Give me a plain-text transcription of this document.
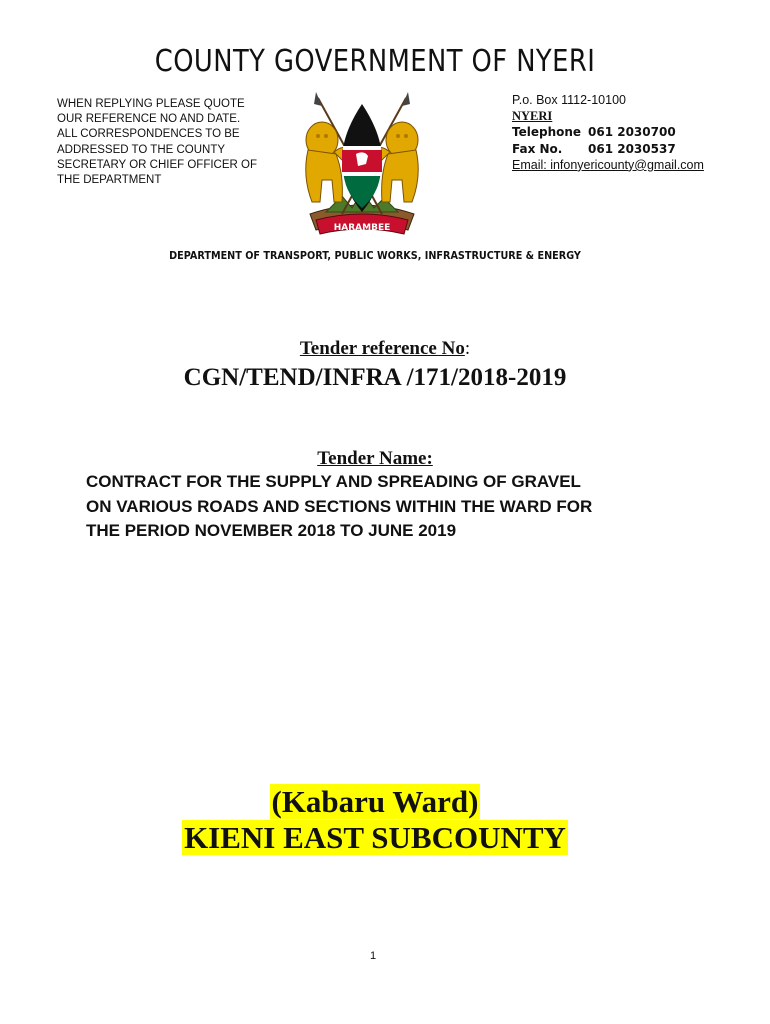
COUNTY GOVERNMENT OF NYERI
WHEN REPLYING PLEASE QUOTE
OUR REFERENCE NO AND DATE.
ALL CORRESPONDENCES TO BE
ADDRESSED TO THE COUNTY
SECRETARY OR CHIEF OFFICER OF
THE DEPARTMENT
HARAMBEE
P.o. Box 1112-10100
NYERI
Telephone 061 2030700
Fax No. 061 2030537
Email: infonyericounty@gmail.com
DEPARTMENT OF TRANSPORT, PUBLIC WORKS, INFRASTRUCTURE & ENERGY
Tender reference No:
CGN/TEND/INFRA /171/2018-2019
Tender Name:
CONTRACT FOR THE SUPPLY AND SPREADING OF GRAVEL
ON VARIOUS ROADS AND SECTIONS WITHIN THE WARD FOR
THE PERIOD NOVEMBER 2018 TO JUNE 2019
(Kabaru Ward)
KIENI EAST SUBCOUNTY
1
